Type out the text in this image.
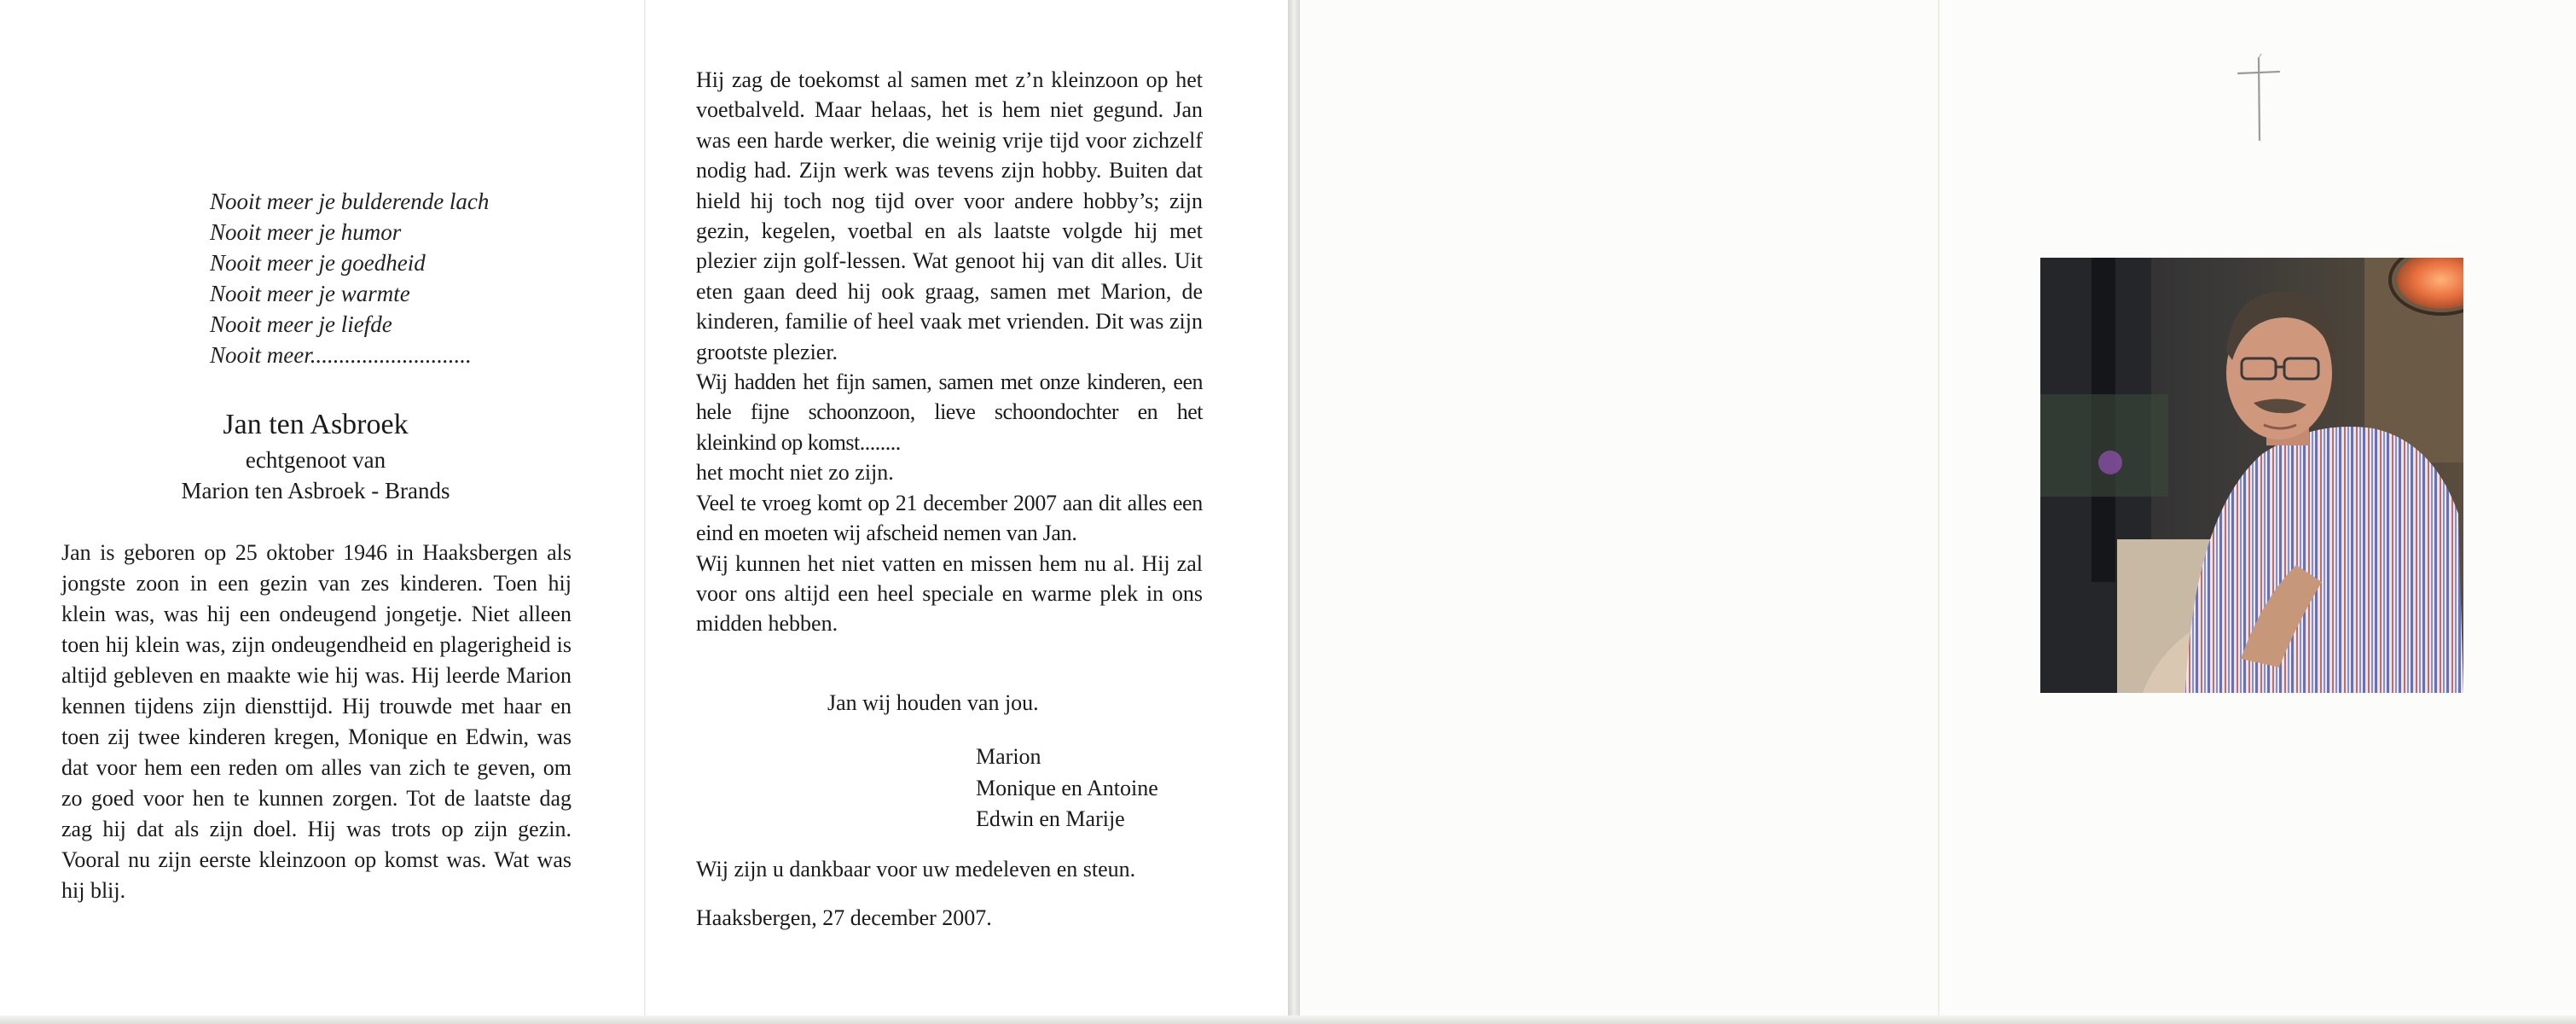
Nooit meer je bulderende lach
Nooit meer je humor
Nooit meer je goedheid
Nooit meer je warmte
Nooit meer je liefde
Nooit meer............................
Jan ten Asbroek
echtgenoot van
Marion ten Asbroek - Brands
Jan is geboren op 25 oktober 1946 in Haaksbergen als jongste zoon in een gezin van zes kinderen. Toen hij klein was, was hij een ondeugend jongetje. Niet alleen toen hij klein was, zijn ondeugendheid en plagerigheid is altijd gebleven en maakte wie hij was. Hij leerde Marion kennen tijdens zijn diensttijd. Hij trouwde met haar en toen zij twee kinderen kregen, Monique en Edwin, was dat voor hem een reden om alles van zich te geven, om zo goed voor hen te kunnen zorgen. Tot de laatste dag zag hij dat als zijn doel. Hij was trots op zijn gezin. Vooral nu zijn eerste kleinzoon op komst was. Wat was hij blij.
Hij zag de toekomst al samen met z’n kleinzoon op het voetbalveld. Maar helaas, het is hem niet gegund. Jan was een harde werker, die weinig vrije tijd voor zichzelf nodig had. Zijn werk was tevens zijn hobby. Buiten dat hield hij toch nog tijd over voor andere hobby’s; zijn gezin, kegelen, voetbal en als laatste volgde hij met plezier zijn golf-lessen. Wat genoot hij van dit alles. Uit eten gaan deed hij ook graag, samen met Marion, de kinderen, familie of heel vaak met vrienden. Dit was zijn grootste plezier.
Wij hadden het fijn samen, samen met onze kinderen, een hele fijne schoonzoon, lieve schoondochter en het kleinkind op komst........
het mocht niet zo zijn.
Veel te vroeg komt op 21 december 2007 aan dit alles een eind en moeten wij afscheid nemen van Jan.
Wij kunnen het niet vatten en missen hem nu al. Hij zal voor ons altijd een heel speciale en warme plek in ons midden hebben.
Jan wij houden van jou.
Marion
Monique en Antoine
Edwin en Marije
Wij zijn u dankbaar voor uw medeleven en steun.
Haaksbergen, 27 december 2007.
